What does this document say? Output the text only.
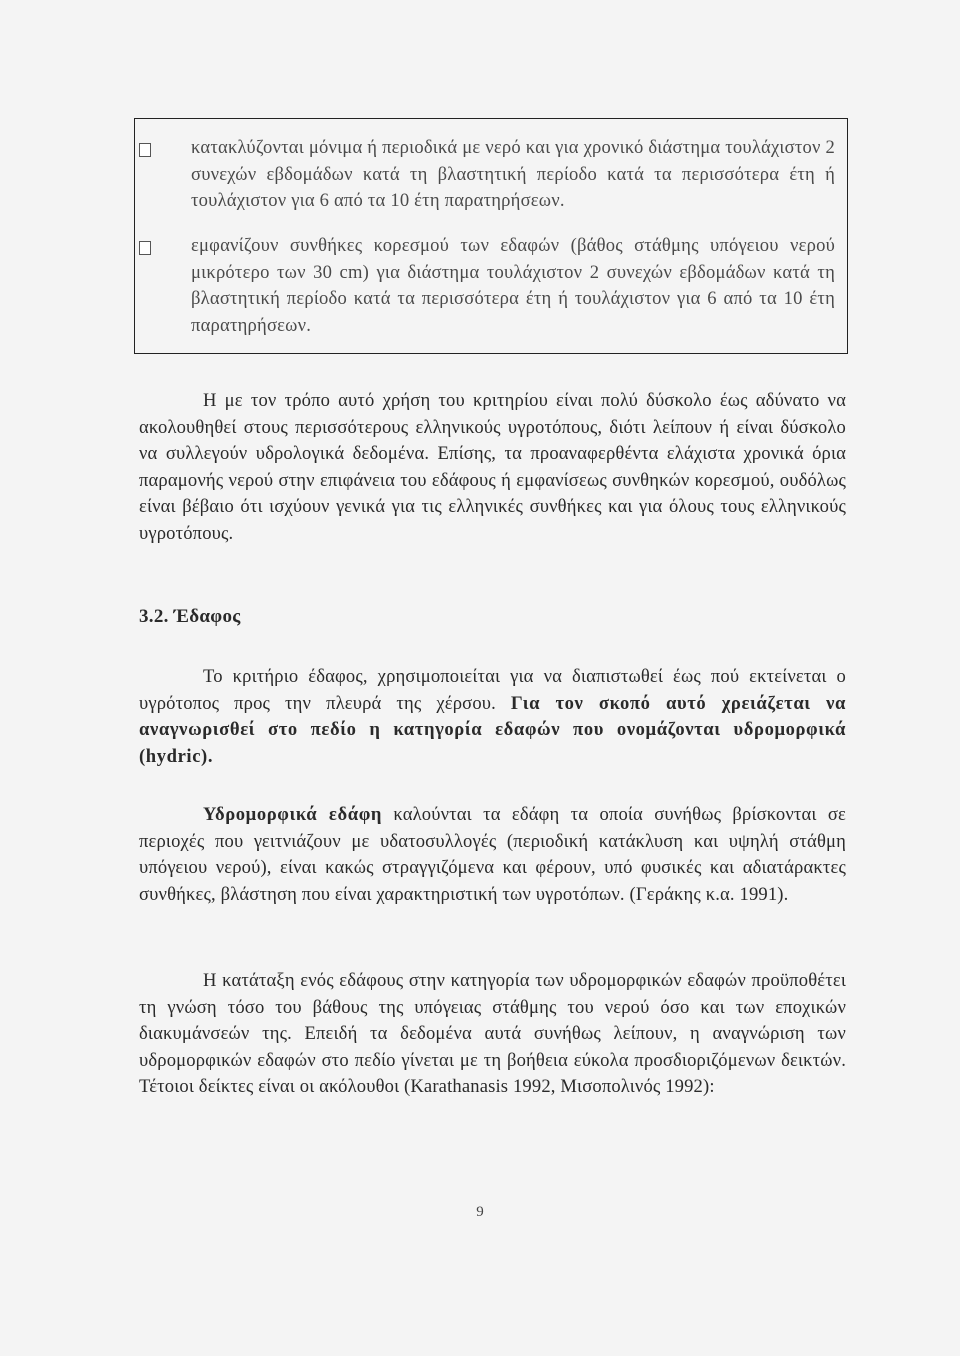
κατακλύζονται μόνιμα ή περιοδικά με νερό και για χρονικό διάστημα τουλάχιστον 2 συνεχών εβδομάδων κατά τη βλαστητική περίοδο κατά τα περισσότερα έτη ή τουλάχιστον για 6 από τα 10 έτη παρατηρήσεων.
εμφανίζουν συνθήκες κορεσμού των εδαφών (βάθος στάθμης υπόγειου νερού μικρότερο των 30 cm) για διάστημα τουλάχιστον 2 συνεχών εβδομάδων κατά τη βλαστητική περίοδο κατά τα περισσότερα έτη ή τουλάχιστον για 6 από τα 10 έτη παρατηρήσεων.

Η με τον τρόπο αυτό χρήση του κριτηρίου είναι πολύ δύσκολο έως αδύνατο να ακολουθηθεί στους περισσότερους ελληνικούς υγροτόπους, διότι λείπουν ή είναι δύσκολο να συλλεγούν υδρολογικά δεδομένα. Επίσης, τα προαναφερθέντα ελάχιστα χρονικά όρια παραμονής νερού στην επιφάνεια του εδάφους ή εμφανίσεως συνθηκών κορεσμού, ουδόλως είναι βέβαιο ότι ισχύουν γενικά για τις ελληνικές συνθήκες και για όλους τους ελληνικούς υγροτόπους.

3.2. Έδαφος

Το κριτήριο έδαφος, χρησιμοποιείται για να διαπιστωθεί έως πού εκτείνεται ο υγρότοπος προς την πλευρά της χέρσου. Για τον σκοπό αυτό χρειάζεται να αναγνωρισθεί στο πεδίο η κατηγορία εδαφών που ονομάζονται υδρομορφικά (hydric).

Υδρομορφικά εδάφη καλούνται τα εδάφη τα οποία συνήθως βρίσκονται σε περιοχές που γειτνιάζουν με υδατοσυλλογές (περιοδική κατάκλυση και υψηλή στάθμη υπόγειου νερού), είναι κακώς στραγγιζόμενα και φέρουν, υπό φυσικές και αδιατάρακτες συνθήκες, βλάστηση που είναι χαρακτηριστική των υγροτόπων. (Γεράκης κ.α. 1991).

Η κατάταξη ενός εδάφους στην κατηγορία των υδρομορφικών εδαφών προϋποθέτει τη γνώση τόσο του βάθους της υπόγειας στάθμης του νερού όσο και των εποχικών διακυμάνσεών της. Επειδή τα δεδομένα αυτά συνήθως λείπουν, η αναγνώριση των υδρομορφικών εδαφών στο πεδίο γίνεται με τη βοήθεια εύκολα προσδιοριζόμενων δεικτών. Τέτοιοι δείκτες είναι οι ακόλουθοι (Karathanasis 1992, Μισοπολινός 1992):

9
